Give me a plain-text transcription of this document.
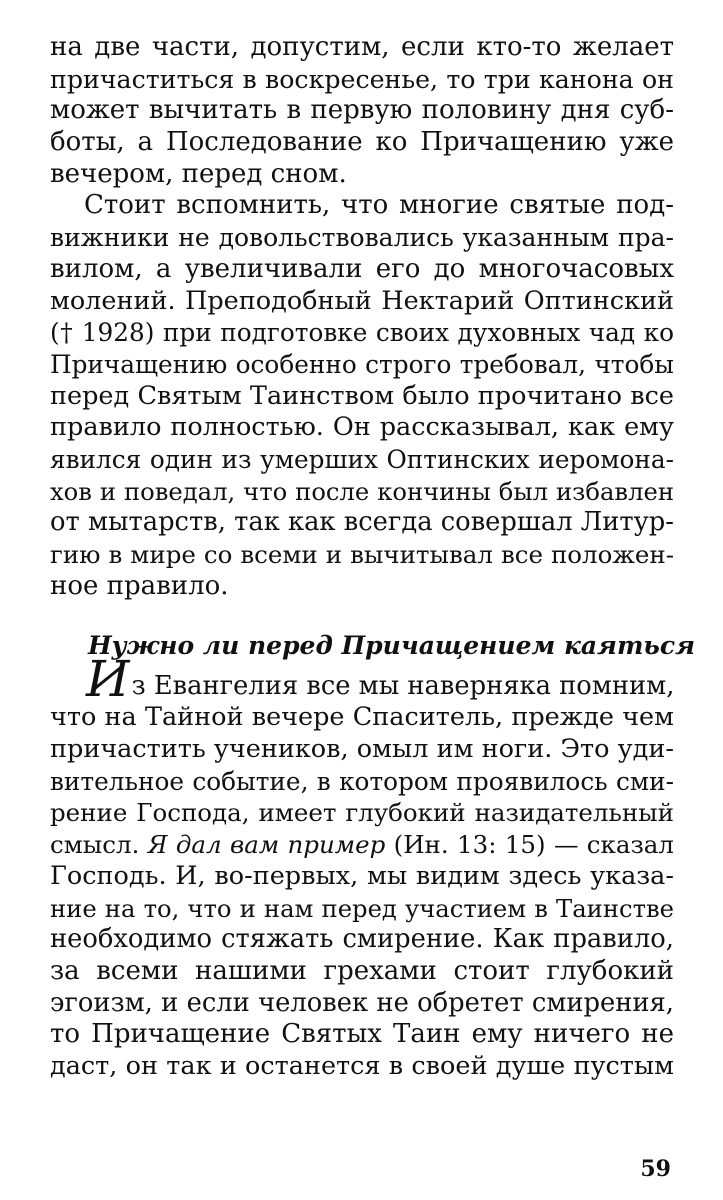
на две части, допустим, если кто-то желает
причаститься в воскресенье, то три канона он
может вычитать в первую половину дня суб-
боты, а Последование ко Причащению уже
вечером, перед сном.
Стоит вспомнить, что многие святые под-
вижники не довольствовались указанным пра-
вилом, а увеличивали его до многочасовых
молений. Преподобный Нектарий Оптинский
(† 1928) при подготовке своих духовных чад ко
Причащению особенно строго требовал, чтобы
перед Святым Таинством было прочитано все
правило полностью. Он рассказывал, как ему
явился один из умерших Оптинских иеромона-
хов и поведал, что после кончины был избавлен
от мытарств, так как всегда совершал Литур-
гию в мире со всеми и вычитывал все положен-
ное правило.
Нужно ли перед Причащением каяться
Из Евангелия все мы наверняка помним,
что на Тайной вечере Спаситель, прежде чем
причастить учеников, омыл им ноги. Это уди-
вительное событие, в котором проявилось сми-
рение Господа, имеет глубокий назидательный
смысл. Я дал вам пример (Ин. 13: 15) — сказал
Господь. И, во-первых, мы видим здесь указа-
ние на то, что и нам перед участием в Таинстве
необходимо стяжать смирение. Как правило,
за всеми нашими грехами стоит глубокий
эгоизм, и если человек не обретет смирения,
то Причащение Святых Таин ему ничего не
даст, он так и останется в своей душе пустым
59
